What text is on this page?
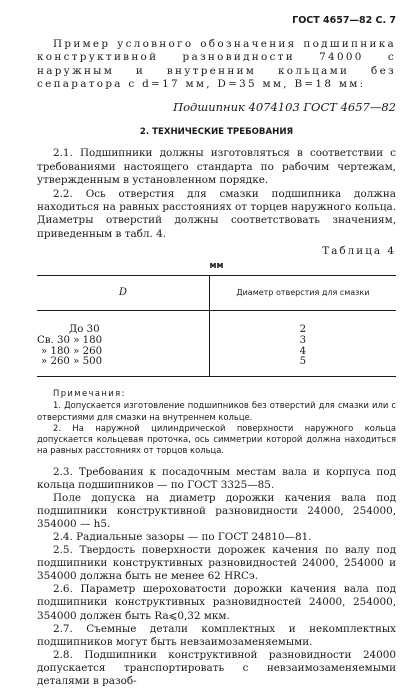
ГОСТ 4657—82 С. 7

Пример условного обозначения подшипника конструктивной разновидности 74000 с наружным и внутренним кольцами без сепаратора с d=17 мм, D=35 мм, B=18 мм:

Подшипник 4074103 ГОСТ 4657—82

2. ТЕХНИЧЕСКИЕ ТРЕБОВАНИЯ

2.1. Подшипники должны изготовляться в соответствии с требованиями настоящего стандарта по рабочим чертежам, утвержденным в установленном порядке.

2.2. Ось отверстия для смазки подшипника должна находиться на равных расстояниях от торцев наружного кольца. Диаметры отверстий должны соответствовать значениям, приведенным в табл. 4.

Таблица 4
мм
D	Диаметр отверстия для смазки
До 30	2
Св. 30 » 180	3
» 180 » 260	4
» 260 » 500	5
Примечания:

1. Допускается изготовление подшипников без отверстий для смазки или с отверстиями для смазки на внутреннем кольце.

2. На наружной цилиндрической поверхности наружного кольца допускается кольцевая проточка, ось симметрии которой должна находиться на равных расстояниях от торцов кольца.

2.3. Требования к посадочным местам вала и корпуса под кольца подшипников — по ГОСТ 3325—85.

Поле допуска на диаметр дорожки качения вала под подшипники конструктивной разновидности 24000, 254000, 354000 — h5.

2.4. Радиальные зазоры — по ГОСТ 24810—81.

2.5. Твердость поверхности дорожек качения по валу под подшипники конструктивных разновидностей 24000, 254000 и 354000 должна быть не менее 62 HRCэ.

2.6. Параметр шероховатости дорожки качения вала под подшипники конструктивных разновидностей 24000, 254000, 354000 должен быть Ra⩽0,32 мкм.

2.7. Съемные детали комплектных и некомплектных подшипников могут быть невзаимозаменяемыми.

2.8. Подшипники конструктивной разновидности 24000 допускается транспортировать с невзаимозаменяемыми деталями в разоб-
